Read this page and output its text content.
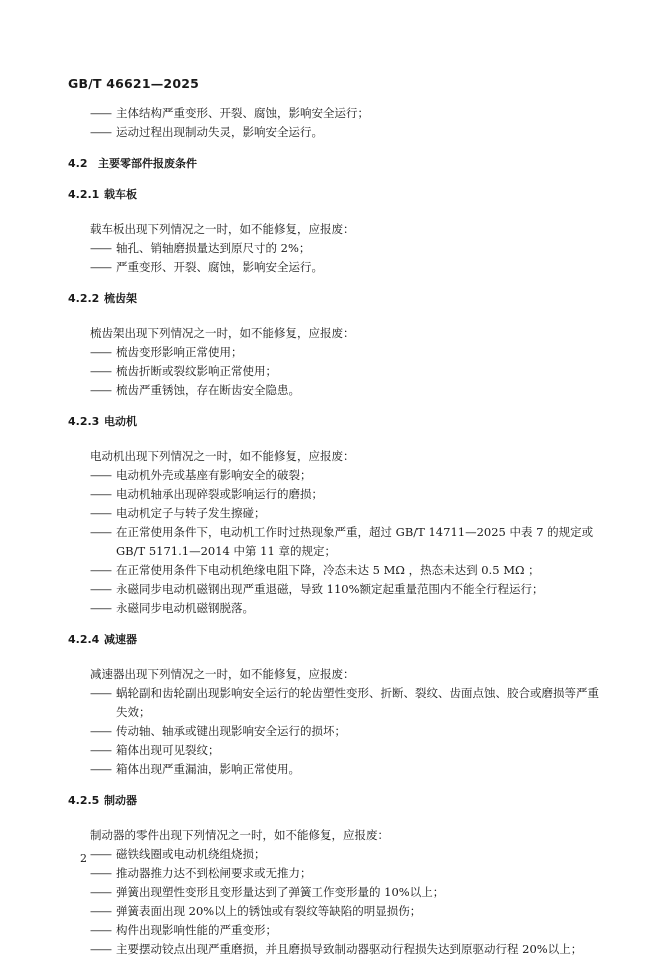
GB/T 46621—2025
—— 主体结构严重变形、开裂、腐蚀，影响安全运行；
—— 运动过程出现制动失灵，影响安全运行。
4.2 主要零部件报废条件
4.2.1 载车板
载车板出现下列情况之一时，如不能修复，应报废：
—— 轴孔、销轴磨损量达到原尺寸的 2%；
—— 严重变形、开裂、腐蚀，影响安全运行。
4.2.2 梳齿架
梳齿架出现下列情况之一时，如不能修复，应报废：
—— 梳齿变形影响正常使用；
—— 梳齿折断或裂纹影响正常使用；
—— 梳齿严重锈蚀，存在断齿安全隐患。
4.2.3 电动机
电动机出现下列情况之一时，如不能修复，应报废：
—— 电动机外壳或基座有影响安全的破裂；
—— 电动机轴承出现碎裂或影响运行的磨损；
—— 电动机定子与转子发生擦碰；
—— 在正常使用条件下，电动机工作时过热现象严重，超过 GB/T 14711—2025 中表 7 的规定或 GB/T 5171.1—2014 中第 11 章的规定；
—— 在正常使用条件下电动机绝缘电阻下降，冷态未达 5 MΩ ，热态未达到 0.5 MΩ ；
—— 永磁同步电动机磁钢出现严重退磁，导致 110%额定起重量范围内不能全行程运行；
—— 永磁同步电动机磁钢脱落。
4.2.4 减速器
减速器出现下列情况之一时，如不能修复，应报废：
—— 蜗轮副和齿轮副出现影响安全运行的轮齿塑性变形、折断、裂纹、齿面点蚀、胶合或磨损等严重失效；
—— 传动轴、轴承或键出现影响安全运行的损坏；
—— 箱体出现可见裂纹；
—— 箱体出现严重漏油，影响正常使用。
4.2.5 制动器
制动器的零件出现下列情况之一时，如不能修复，应报废：
—— 磁铁线圈或电动机绕组烧损；
—— 推动器推力达不到松闸要求或无推力；
—— 弹簧出现塑性变形且变形量达到了弹簧工作变形量的 10%以上；
—— 弹簧表面出现 20%以上的锈蚀或有裂纹等缺陷的明显损伤；
—— 构件出现影响性能的严重变形；
—— 主要摆动铰点出现严重磨损，并且磨损导致制动器驱动行程损失达到原驱动行程 20%以上；
2
